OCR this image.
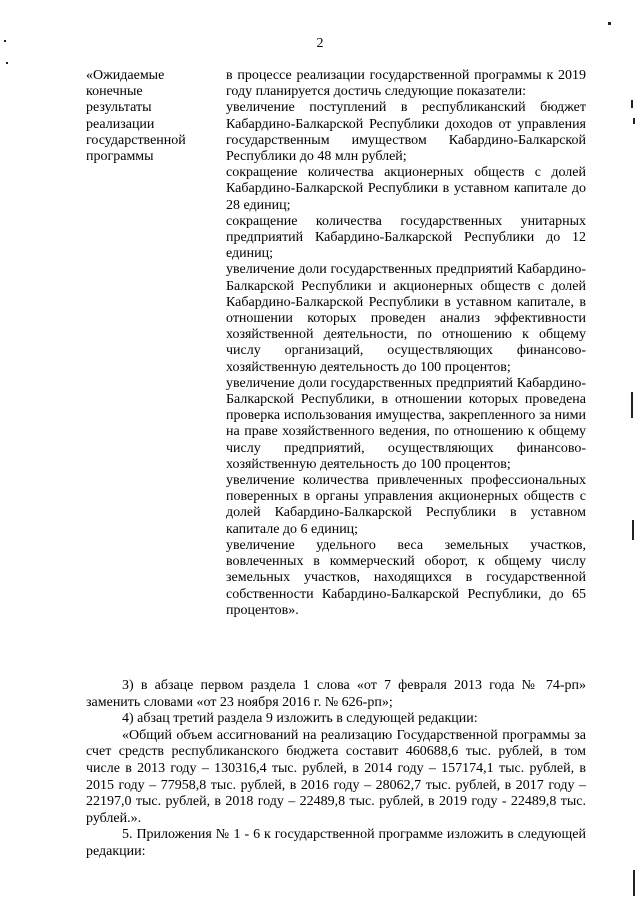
2
«Ожидаемые
конечные
результаты
реализации
государственной
программы

в процессе реализации государственной программы к 2019 году планируется достичь следующие показатели:

увеличение поступлений в республиканский бюджет Кабардино-Балкарской Республики доходов от управления государственным имуществом Кабардино-Балкарской Республики до 48 млн рублей;

сокращение количества акционерных обществ с долей Кабардино-Балкарской Республики в уставном капитале до 28 единиц;

сокращение количества государственных унитарных предприятий Кабардино-Балкарской Республики до 12 единиц;

увеличение доли государственных предприятий Кабардино-Балкарской Республики и акционерных обществ с долей Кабардино-Балкарской Республики в уставном капитале, в отношении которых проведен анализ эффективности хозяйственной деятельности, по отношению к общему числу организаций, осуществляющих финансово-хозяйственную деятельность до 100 процентов;

увеличение доли государственных предприятий Кабардино-Балкарской Республики, в отношении которых проведена проверка использования имущества, закрепленного за ними на праве хозяйственного ведения, по отношению к общему числу предприятий, осуществляющих финансово-хозяйственную деятельность до 100 процентов;

увеличение количества привлеченных профессиональных поверенных в органы управления акционерных обществ с долей Кабардино-Балкарской Республики в уставном капитале до 6 единиц;

увеличение удельного веса земельных участков, вовлеченных в коммерческий оборот, к общему числу земельных участков, находящихся в государственной собственности Кабардино-Балкарской Республики, до 65 процентов».

3) в абзаце первом раздела 1 слова «от 7 февраля 2013 года № 74-рп» заменить словами «от 23 ноября 2016 г. № 626-рп»;

4) абзац третий раздела 9 изложить в следующей редакции:

«Общий объем ассигнований на реализацию Государственной программы за счет средств республиканского бюджета составит 460688,6 тыс. рублей, в том числе в 2013 году – 130316,4 тыс. рублей, в 2014 году – 157174,1 тыс. рублей, в 2015 году – 77958,8 тыс. рублей, в 2016 году – 28062,7 тыс. рублей, в 2017 году – 22197,0 тыс. рублей, в 2018 году – 22489,8 тыс. рублей, в 2019 году - 22489,8 тыс. рублей.».

5. Приложения № 1 - 6 к государственной программе изложить в следующей редакции:
